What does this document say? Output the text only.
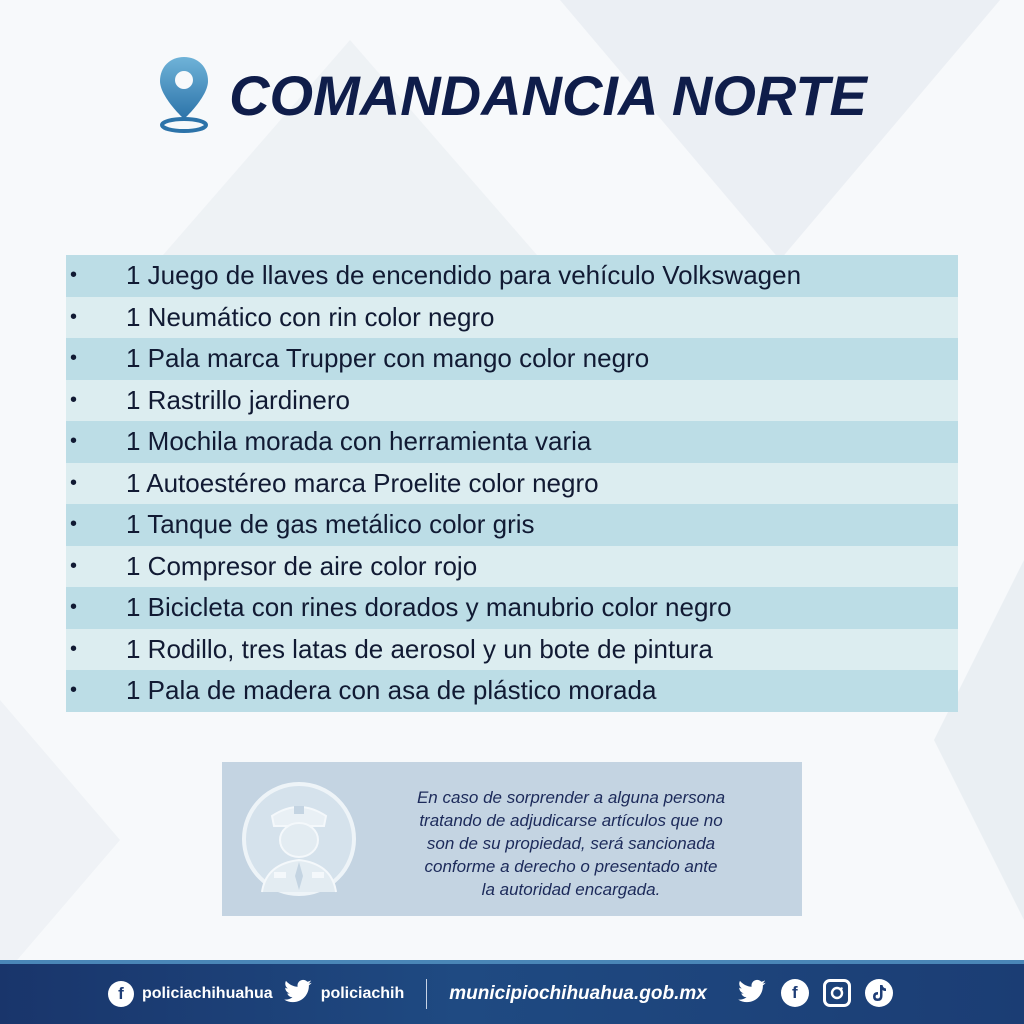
COMANDANCIA NORTE
•	1 Juego de llaves de encendido para vehículo Volkswagen
•	1 Neumático con rin color negro
•	1 Pala marca Trupper con mango color negro
•	1 Rastrillo jardinero
•	1 Mochila morada con herramienta varia
•	1 Autoestéreo marca Proelite color negro
•	1 Tanque de gas metálico color gris
•	1 Compresor de aire color rojo
•	1 Bicicleta con rines dorados y manubrio color negro
•	1 Rodillo, tres latas de aerosol y un bote de pintura
•	1 Pala de madera con asa de plástico morada
En caso de sorprender a alguna persona
tratando de adjudicarse artículos que no
son de su propiedad, será sancionada
conforme a derecho o presentado ante
la autoridad encargada.
f	policiachihuahua	policiachih municipiochihuahua.gob.mx	f
